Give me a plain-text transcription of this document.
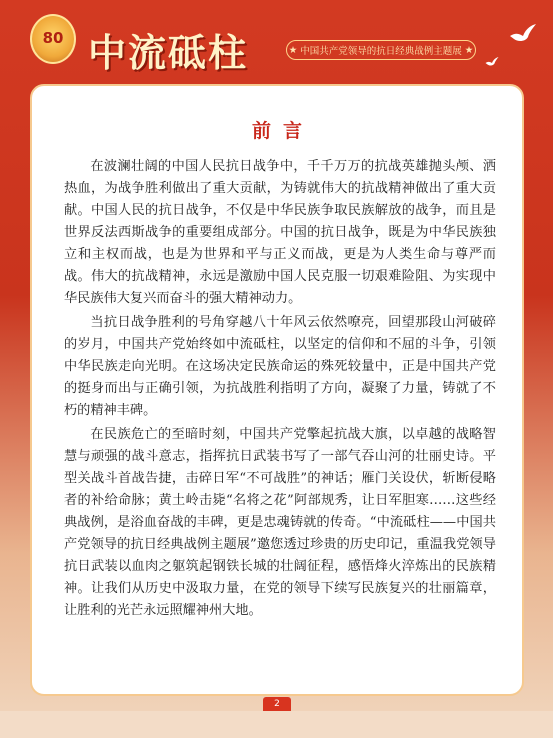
80 中流砥柱	★ 中国共产党领导的抗日经典战例主题展 ★
前言

在波澜壮阔的中国人民抗日战争中，千千万万的抗战英雄抛头颅、洒热血，为战争胜利做出了重大贡献，为铸就伟大的抗战精神做出了重大贡献。中国人民的抗日战争，不仅是中华民族争取民族解放的战争，而且是世界反法西斯战争的重要组成部分。中国的抗日战争，既是为中华民族独立和主权而战，也是为世界和平与正义而战，更是为人类生命与尊严而战。伟大的抗战精神，永远是激励中国人民克服一切艰难险阻、为实现中华民族伟大复兴而奋斗的强大精神动力。

当抗日战争胜利的号角穿越八十年风云依然嘹亮，回望那段山河破碎的岁月，中国共产党始终如中流砥柱，以坚定的信仰和不屈的斗争，引领中华民族走向光明。在这场决定民族命运的殊死较量中，正是中国共产党的挺身而出与正确引领，为抗战胜利指明了方向，凝聚了力量，铸就了不朽的精神丰碑。

在民族危亡的至暗时刻，中国共产党擎起抗战大旗，以卓越的战略智慧与顽强的战斗意志，指挥抗日武装书写了一部气吞山河的壮丽史诗。平型关战斗首战告捷，击碎日军“不可战胜”的神话；雁门关设伏，斩断侵略者的补给命脉；黄土岭击毙“名将之花”阿部规秀，让日军胆寒……这些经典战例，是浴血奋战的丰碑，更是忠魂铸就的传奇。“中流砥柱——中国共产党领导的抗日经典战例主题展”邀您透过珍贵的历史印记，重温我党领导抗日武装以血肉之躯筑起钢铁长城的壮阔征程，感悟烽火淬炼出的民族精神。让我们从历史中汲取力量，在党的领导下续写民族复兴的壮丽篇章，让胜利的光芒永远照耀神州大地。

2
